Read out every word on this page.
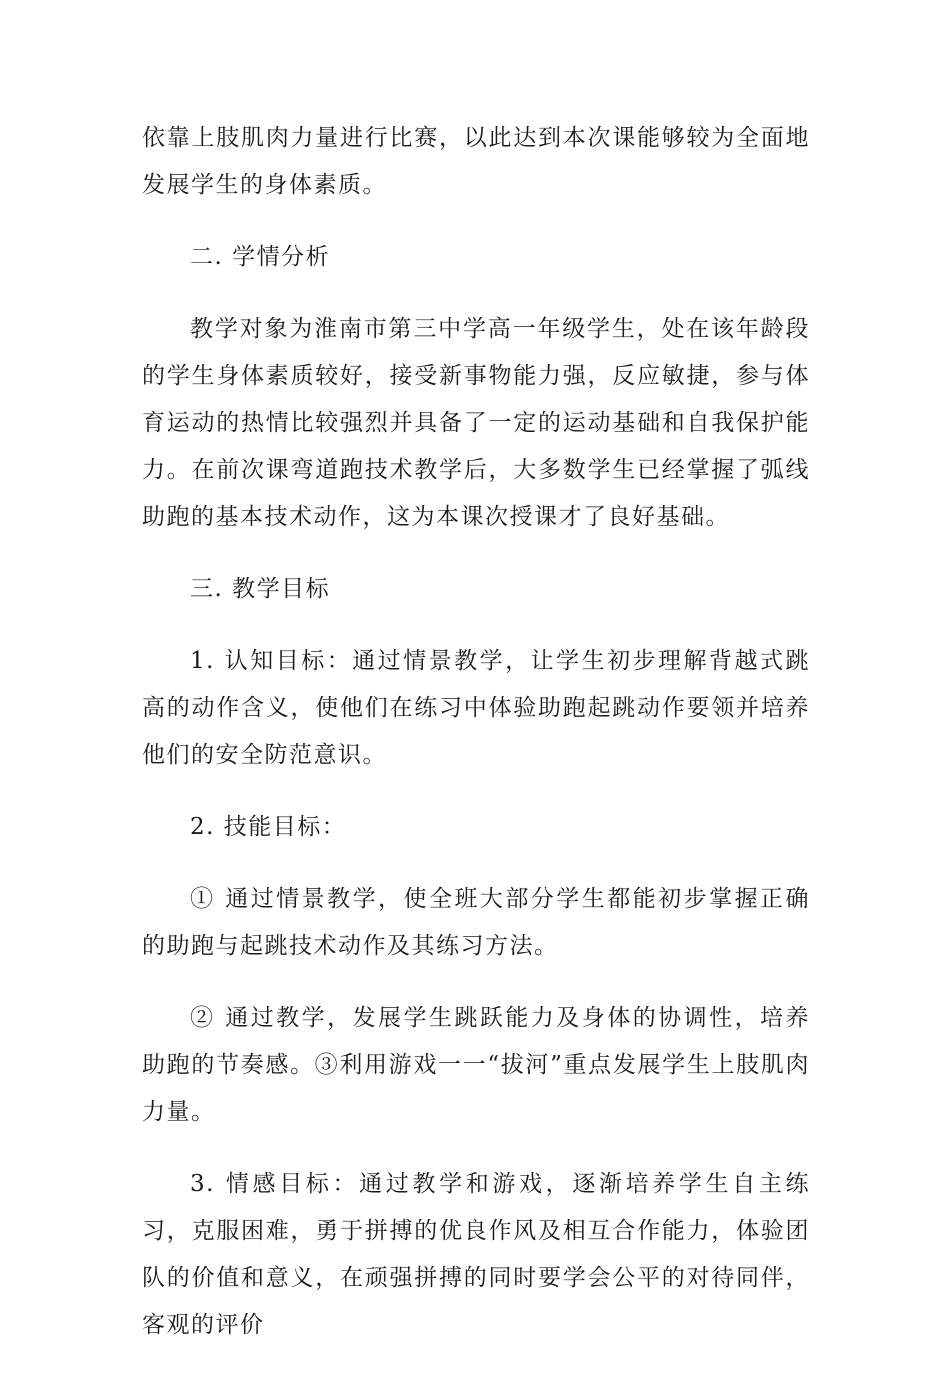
依靠上肢肌肉力量进行比赛，以此达到本次课能够较为全面地发展学生的身体素质。

二. 学情分析

教学对象为淮南市第三中学高一年级学生，处在该年龄段的学生身体素质较好，接受新事物能力强，反应敏捷，参与体育运动的热情比较强烈并具备了一定的运动基础和自我保护能力。在前次课弯道跑技术教学后，大多数学生已经掌握了弧线助跑的基本技术动作，这为本课次授课才了良好基础。

三. 教学目标

1. 认知目标：通过情景教学，让学生初步理解背越式跳高的动作含义，使他们在练习中体验助跑起跳动作要领并培养他们的安全防范意识。

2. 技能目标：

① 通过情景教学，使全班大部分学生都能初步掌握正确的助跑与起跳技术动作及其练习方法。

② 通过教学，发展学生跳跃能力及身体的协调性，培养助跑的节奏感。③利用游戏一一“拔河”重点发展学生上肢肌肉力量。

3. 情感目标：通过教学和游戏，逐渐培养学生自主练习，克服困难，勇于拼搏的优良作风及相互合作能力，体验团队的价值和意义，在顽强拼搏的同时要学会公平的对待同伴，客观的评价
